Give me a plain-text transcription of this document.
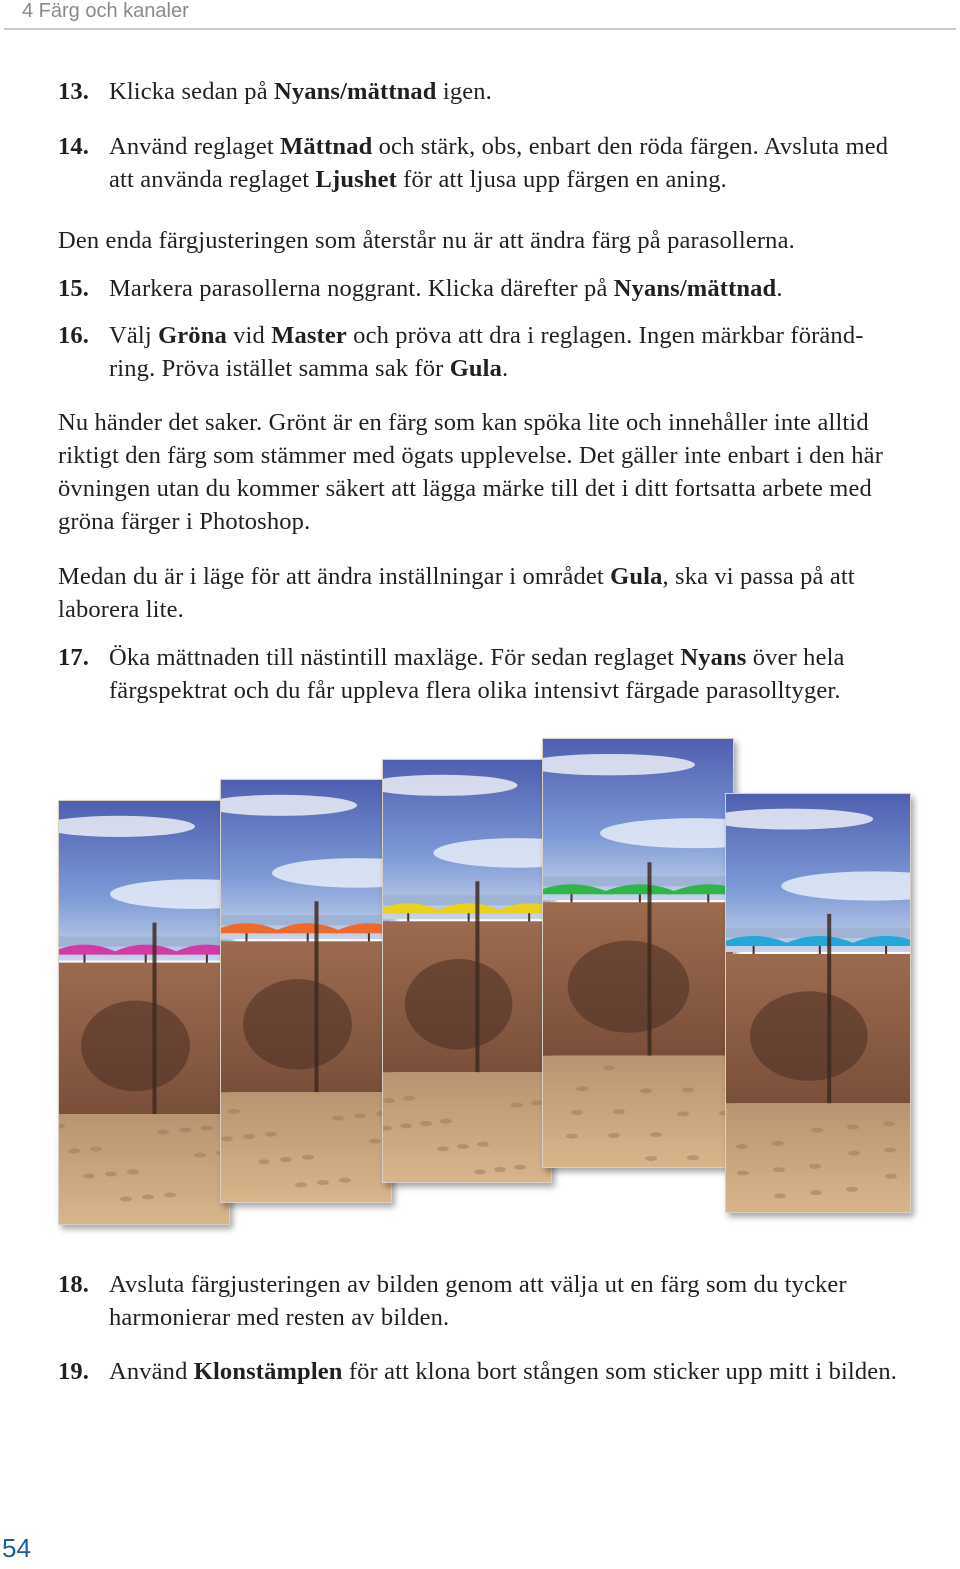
4 Färg och kanaler
13. Klicka sedan på Nyans/mättnad igen.
14. Använd reglaget Mättnad och stärk, obs, enbart den röda färgen. Avsluta med att använda reglaget Ljushet för att ljusa upp färgen en aning.
Den enda färgjusteringen som återstår nu är att ändra färg på parasollerna.
15. Markera parasollerna noggrant. Klicka därefter på Nyans/mättnad.
16. Välj Gröna vid Master och pröva att dra i reglagen. Ingen märkbar föränd-ring. Pröva istället samma sak för Gula.
Nu händer det saker. Grönt är en färg som kan spöka lite och innehåller inte alltid riktigt den färg som stämmer med ögats upplevelse. Det gäller inte enbart i den här övningen utan du kommer säkert att lägga märke till det i ditt fortsatta arbete med gröna färger i Photoshop.
Medan du är i läge för att ändra inställningar i området Gula, ska vi passa på att laborera lite.
17. Öka mättnaden till nästintill maxläge. För sedan reglaget Nyans över hela färgspektrat och du får uppleva flera olika intensivt färgade parasolltyger.
18. Avsluta färgjusteringen av bilden genom att välja ut en färg som du tycker harmonierar med resten av bilden.
19. Använd Klonstämplen för att klona bort stången som sticker upp mitt i bilden.
54
